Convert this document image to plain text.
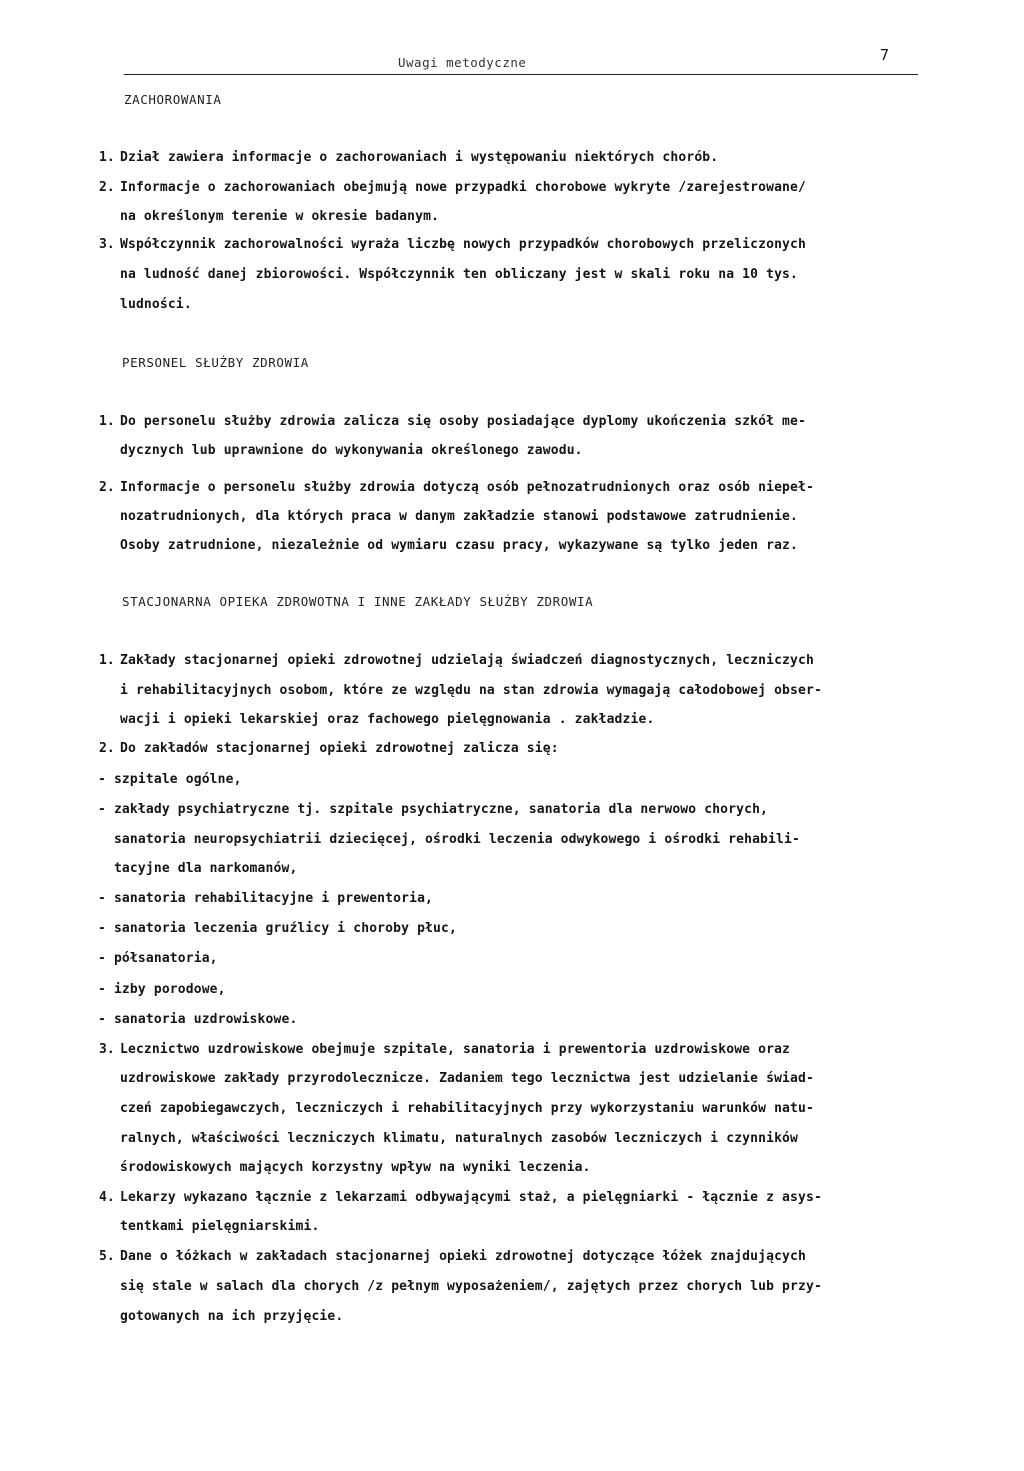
Uwagi metodyczne	7
ZACHOROWANIA
1. Dział zawiera informacje o zachorowaniach i występowaniu niektórych chorób.
2. Informacje o zachorowaniach obejmują nowe przypadki chorobowe wykryte /zarejestrowane/
na określonym terenie w okresie badanym.
3. Współczynnik zachorowalności wyraża liczbę nowych przypadków chorobowych przeliczonych
na ludność danej zbiorowości. Współczynnik ten obliczany jest w skali roku na 10 tys.
ludności.
PERSONEL SŁUŻBY ZDROWIA
1. Do personelu służby zdrowia zalicza się osoby posiadające dyplomy ukończenia szkół me-
dycznych lub uprawnione do wykonywania określonego zawodu.
2. Informacje o personelu służby zdrowia dotyczą osób pełnozatrudnionych oraz osób niepeł-
nozatrudnionych, dla których praca w danym zakładzie stanowi podstawowe zatrudnienie.
Osoby zatrudnione, niezależnie od wymiaru czasu pracy, wykazywane są tylko jeden raz.
STACJONARNA OPIEKA ZDROWOTNA I INNE ZAKŁADY SŁUŻBY ZDROWIA
1. Zakłady stacjonarnej opieki zdrowotnej udzielają świadczeń diagnostycznych, leczniczych
i rehabilitacyjnych osobom, które ze względu na stan zdrowia wymagają całodobowej obser-
wacji i opieki lekarskiej oraz fachowego pielęgnowania . zakładzie.
2. Do zakładów stacjonarnej opieki zdrowotnej zalicza się:
- szpitale ogólne,
- zakłady psychiatryczne tj. szpitale psychiatryczne, sanatoria dla nerwowo chorych,
sanatoria neuropsychiatrii dziecięcej, ośrodki leczenia odwykowego i ośrodki rehabili-
tacyjne dla narkomanów,
- sanatoria rehabilitacyjne i prewentoria,
- sanatoria leczenia gruźlicy i choroby płuc,
- półsanatoria,
- izby porodowe,
- sanatoria uzdrowiskowe.
3. Lecznictwo uzdrowiskowe obejmuje szpitale, sanatoria i prewentoria uzdrowiskowe oraz
uzdrowiskowe zakłady przyrodolecznicze. Zadaniem tego lecznictwa jest udzielanie świad-
czeń zapobiegawczych, leczniczych i rehabilitacyjnych przy wykorzystaniu warunków natu-
ralnych, właściwości leczniczych klimatu, naturalnych zasobów leczniczych i czynników
środowiskowych mających korzystny wpływ na wyniki leczenia.
4. Lekarzy wykazano łącznie z lekarzami odbywającymi staż, a pielęgniarki - łącznie z asys-
tentkami pielęgniarskimi.
5. Dane o łóżkach w zakładach stacjonarnej opieki zdrowotnej dotyczące łóżek znajdujących
się stale w salach dla chorych /z pełnym wyposażeniem/, zajętych przez chorych lub przy-
gotowanych na ich przyjęcie.
